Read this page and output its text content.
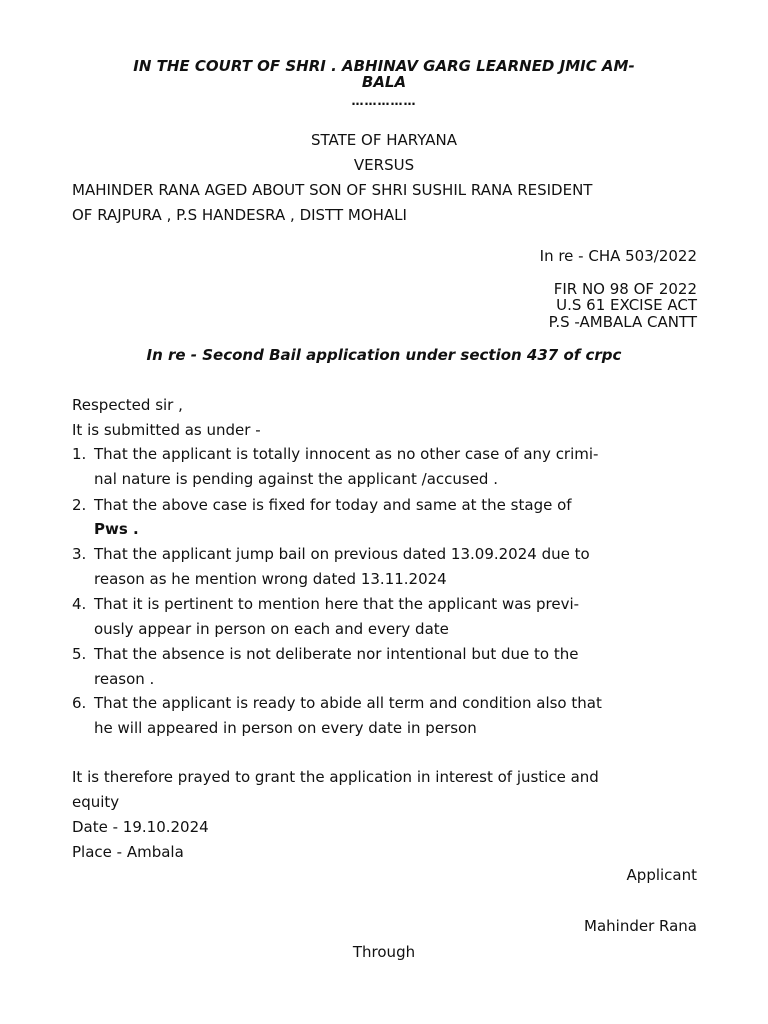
IN THE COURT OF SHRI . ABHINAV GARG LEARNED JMIC AM-
BALA
……………
STATE OF HARYANA
VERSUS
MAHINDER RANA AGED ABOUT SON OF SHRI SUSHIL RANA RESIDENT
OF RAJPURA , P.S HANDESRA , DISTT MOHALI
In re - CHA 503/2022
FIR NO 98 OF 2022
U.S 61 EXCISE ACT
P.S -AMBALA CANTT
In re - Second Bail application under section 437 of crpc
Respected sir ,
It is submitted as under -
1. That the applicant is totally innocent as no other case of any crimi-
nal nature is pending against the applicant /accused .
2. That the above case is fixed for today and same at the stage of
Pws .
3. That the applicant jump bail on previous dated 13.09.2024 due to
reason as he mention wrong dated 13.11.2024
4. That it is pertinent to mention here that the applicant was previ-
ously appear in person on each and every date
5. That the absence is not deliberate nor intentional but due to the
reason .
6. That the applicant is ready to abide all term and condition also that
he will appeared in person on every date in person
It is therefore prayed to grant the application in interest of justice and
equity
Date - 19.10.2024
Place - Ambala
Applicant
Mahinder Rana
Through
